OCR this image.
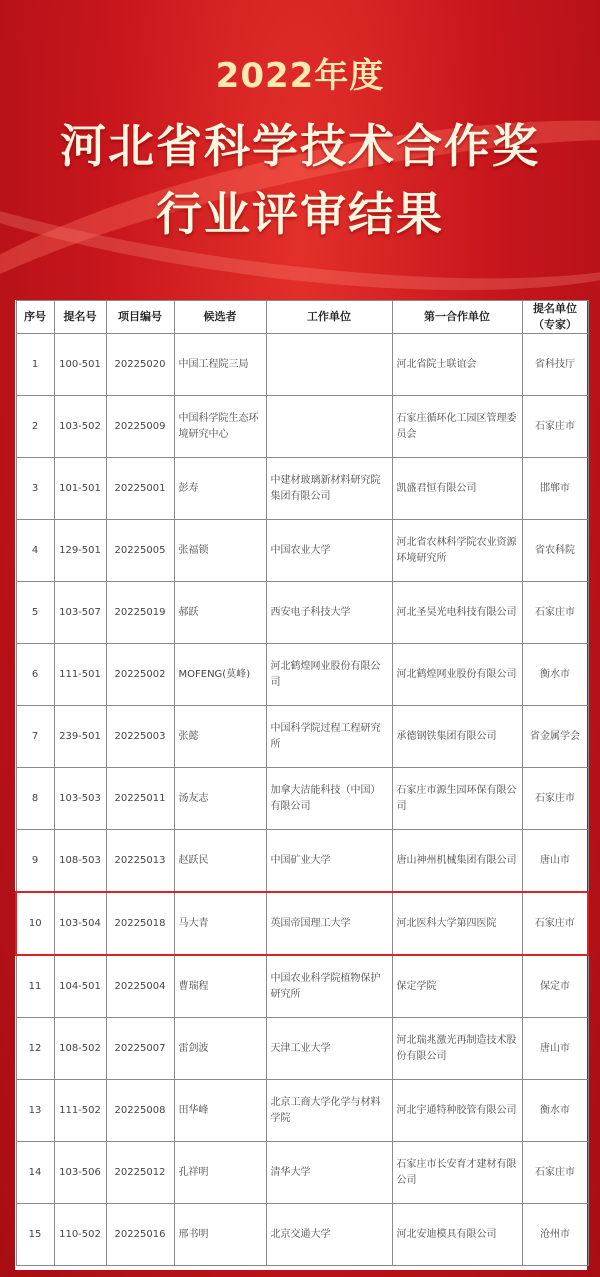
2022年度
河北省科学技术合作奖
行业评审结果
序号	提名号	项目编号	候选者	工作单位	第一合作单位	提名单位（专家）
1	100-501	20225020	中国工程院三局		河北省院士联谊会	省科技厅
2	103-502	20225009	中国科学院生态环境研究中心		石家庄循环化工园区管理委员会	石家庄市
3	101-501	20225001	彭寿	中建材玻璃新材料研究院集团有限公司	凯盛君恒有限公司	邯郸市
4	129-501	20225005	张福锁	中国农业大学	河北省农林科学院农业资源环境研究所	省农科院
5	103-507	20225019	郝跃	西安电子科技大学	河北圣昊光电科技有限公司	石家庄市
6	111-501	20225002	MOFENG(莫峰)	河北鹤煌网业股份有限公司	河北鹤煌网业股份有限公司	衡水市
7	239-501	20225003	张懿	中国科学院过程工程研究所	承德钢铁集团有限公司	省金属学会
8	103-503	20225011	汤友志	加拿大洁能科技（中国）有限公司	石家庄市源生园环保有限公司	石家庄市
9	108-503	20225013	赵跃民	中国矿业大学	唐山神州机械集团有限公司	唐山市
10	103-504	20225018	马大青	英国帝国理工大学	河北医科大学第四医院	石家庄市
11	104-501	20225004	曹瑞程	中国农业科学院植物保护研究所	保定学院	保定市
12	108-502	20225007	雷剑波	天津工业大学	河北瑞兆激光再制造技术股份有限公司	唐山市
13	111-502	20225008	田华峰	北京工商大学化学与材料学院	河北宇通特种胶管有限公司	衡水市
14	103-506	20225012	孔祥明	清华大学	石家庄市长安育才建材有限公司	石家庄市
15	110-502	20225016	邢书明	北京交通大学	河北安迪模具有限公司	沧州市
